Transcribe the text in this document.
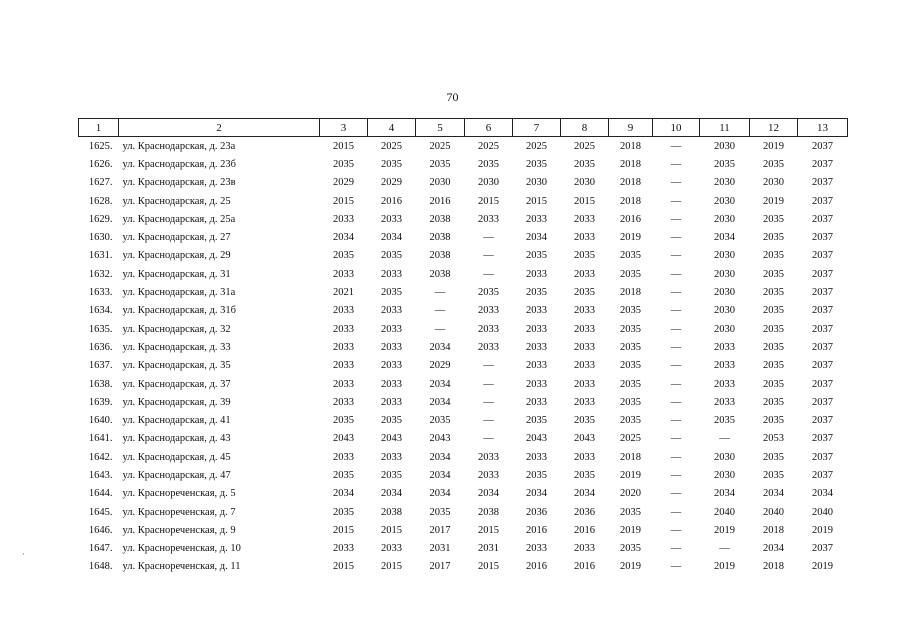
70
1	2	3	4	5	6	7	8	9	10	11	12	13
1625.	ул. Краснодарская, д. 23а	2015	2025	2025	2025	2025	2025	2018	—	2030	2019	2037
1626.	ул. Краснодарская, д. 23б	2035	2035	2035	2035	2035	2035	2018	—	2035	2035	2037
1627.	ул. Краснодарская, д. 23в	2029	2029	2030	2030	2030	2030	2018	—	2030	2030	2037
1628.	ул. Краснодарская, д. 25	2015	2016	2016	2015	2015	2015	2018	—	2030	2019	2037
1629.	ул. Краснодарская, д. 25а	2033	2033	2038	2033	2033	2033	2016	—	2030	2035	2037
1630.	ул. Краснодарская, д. 27	2034	2034	2038	—	2034	2033	2019	—	2034	2035	2037
1631.	ул. Краснодарская, д. 29	2035	2035	2038	—	2035	2035	2035	—	2030	2035	2037
1632.	ул. Краснодарская, д. 31	2033	2033	2038	—	2033	2033	2035	—	2030	2035	2037
1633.	ул. Краснодарская, д. 31а	2021	2035	—	2035	2035	2035	2018	—	2030	2035	2037
1634.	ул. Краснодарская, д. 31б	2033	2033	—	2033	2033	2033	2035	—	2030	2035	2037
1635.	ул. Краснодарская, д. 32	2033	2033	—	2033	2033	2033	2035	—	2030	2035	2037
1636.	ул. Краснодарская, д. 33	2033	2033	2034	2033	2033	2033	2035	—	2033	2035	2037
1637.	ул. Краснодарская, д. 35	2033	2033	2029	—	2033	2033	2035	—	2033	2035	2037
1638.	ул. Краснодарская, д. 37	2033	2033	2034	—	2033	2033	2035	—	2033	2035	2037
1639.	ул. Краснодарская, д. 39	2033	2033	2034	—	2033	2033	2035	—	2033	2035	2037
1640.	ул. Краснодарская, д. 41	2035	2035	2035	—	2035	2035	2035	—	2035	2035	2037
1641.	ул. Краснодарская, д. 43	2043	2043	2043	—	2043	2043	2025	—	—	2053	2037
1642.	ул. Краснодарская, д. 45	2033	2033	2034	2033	2033	2033	2018	—	2030	2035	2037
1643.	ул. Краснодарская, д. 47	2035	2035	2034	2033	2035	2035	2019	—	2030	2035	2037
1644.	ул. Краснореченская, д. 5	2034	2034	2034	2034	2034	2034	2020	—	2034	2034	2034
1645.	ул. Краснореченская, д. 7	2035	2038	2035	2038	2036	2036	2035	—	2040	2040	2040
1646.	ул. Краснореченская, д. 9	2015	2015	2017	2015	2016	2016	2019	—	2019	2018	2019
1647.	ул. Краснореченская, д. 10	2033	2033	2031	2031	2033	2033	2035	—	—	2034	2037
1648.	ул. Краснореченская, д. 11	2015	2015	2017	2015	2016	2016	2019	—	2019	2018	2019
·
